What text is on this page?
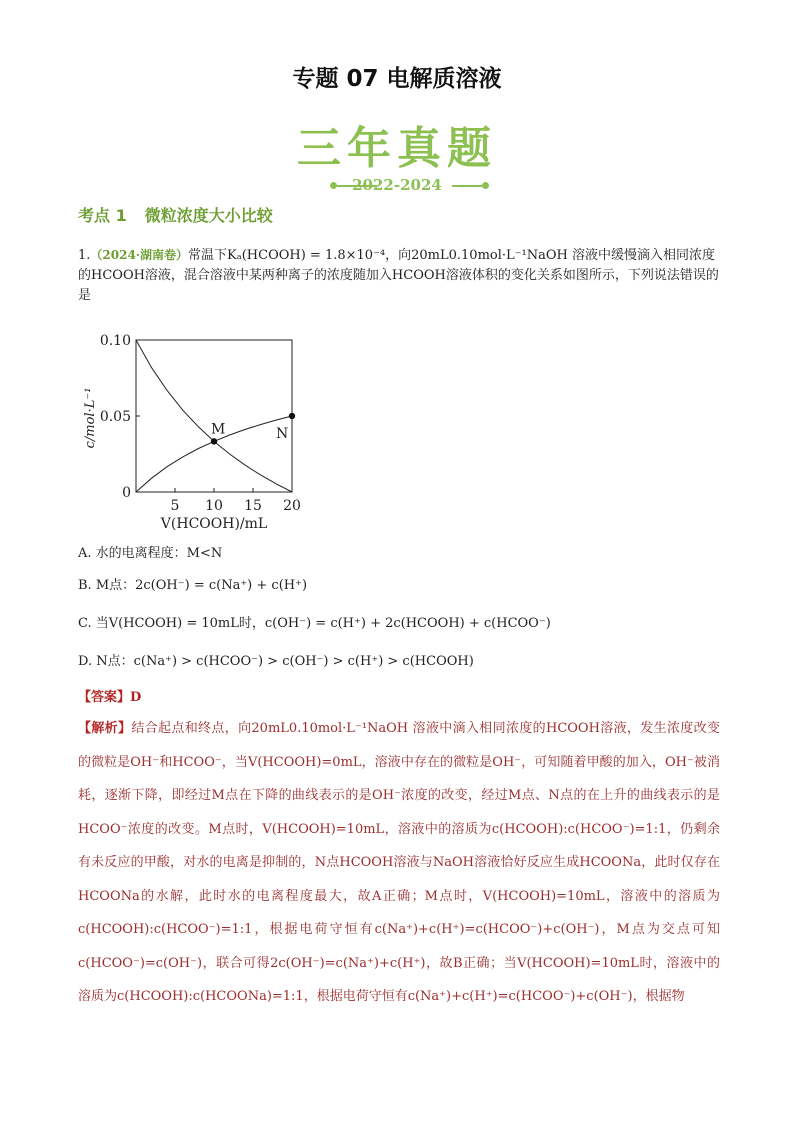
专题 07 电解质溶液
三年真题
2022-2024
考点 1 微粒浓度大小比较
1.（2024·湖南卷）常温下Kₐ(HCOOH) = 1.8×10⁻⁴，向20mL0.10mol·L⁻¹NaOH 溶液中缓慢滴入相同浓度的HCOOH溶液，混合溶液中某两种离子的浓度随加入HCOOH溶液体积的变化关系如图所示，下列说法错误的是
0
0.05
0.10
5 10 15 20
M	N
c/mol·L⁻¹
V(HCOOH)/mL
A. 水的电离程度：M<N
B. M点：2c(OH⁻) = c(Na⁺) + c(H⁺)
C. 当V(HCOOH) = 10mL时，c(OH⁻) = c(H⁺) + 2c(HCOOH) + c(HCOO⁻)
D. N点：c(Na⁺) > c(HCOO⁻) > c(OH⁻) > c(H⁺) > c(HCOOH)
【答案】D
【解析】结合起点和终点，向20mL0.10mol·L⁻¹NaOH 溶液中滴入相同浓度的HCOOH溶液，发生浓度改变的微粒是OH⁻和HCOO⁻，当V(HCOOH)=0mL，溶液中存在的微粒是OH⁻，可知随着甲酸的加入，OH⁻被消耗，逐渐下降，即经过M点在下降的曲线表示的是OH⁻浓度的改变，经过M点、N点的在上升的曲线表示的是HCOO⁻浓度的改变。M点时，V(HCOOH)=10mL，溶液中的溶质为c(HCOOH):c(HCOO⁻)=1:1，仍剩余有未反应的甲酸，对水的电离是抑制的，N点HCOOH溶液与NaOH溶液恰好反应生成HCOONa，此时仅存在HCOONa的水解，此时水的电离程度最大，故A正确；M点时，V(HCOOH)=10mL，溶液中的溶质为c(HCOOH):c(HCOO⁻)=1:1，根据电荷守恒有c(Na⁺)+c(H⁺)=c(HCOO⁻)+c(OH⁻)，M点为交点可知c(HCOO⁻)=c(OH⁻)，联合可得2c(OH⁻)=c(Na⁺)+c(H⁺)，故B正确；当V(HCOOH)=10mL时，溶液中的溶质为c(HCOOH):c(HCOONa)=1:1，根据电荷守恒有c(Na⁺)+c(H⁺)=c(HCOO⁻)+c(OH⁻)，根据物
